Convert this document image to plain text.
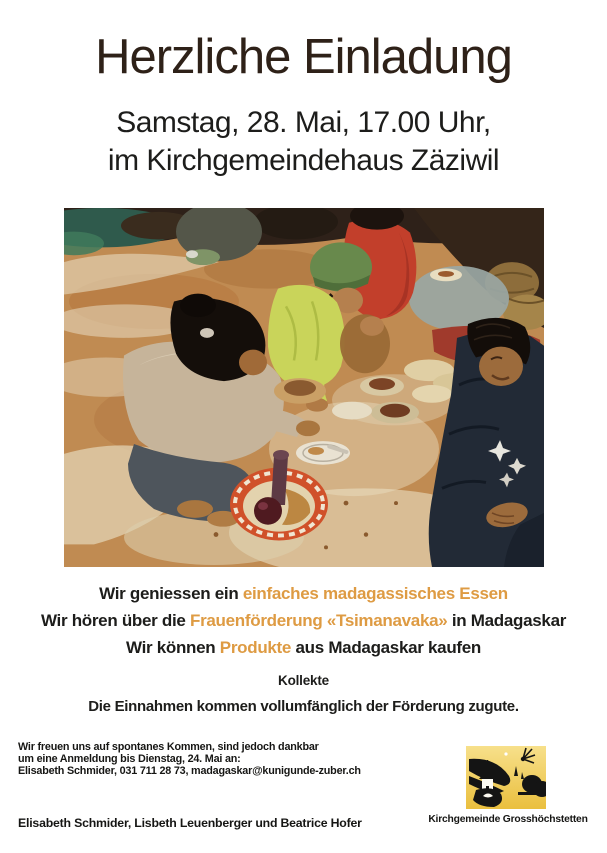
Herzliche Einladung
Samstag, 28. Mai, 17.00 Uhr,
im Kirchgemeindehaus Zäziwil
Wir geniessen ein einfaches madagassisches Essen
Wir hören über die Frauenförderung «Tsimanavaka» in Madagaskar
Wir können Produkte aus Madagaskar kaufen
Kollekte
Die Einnahmen kommen vollumfänglich der Förderung zugute.
Wir freuen uns auf spontanes Kommen, sind jedoch dankbar
um eine Anmeldung bis Dienstag, 24. Mai an:
Elisabeth Schmider, 031 711 28 73, madagaskar@kunigunde-zuber.ch
Elisabeth Schmider, Lisbeth Leuenberger und Beatrice Hofer	Kirchgemeinde Grosshöchstetten
